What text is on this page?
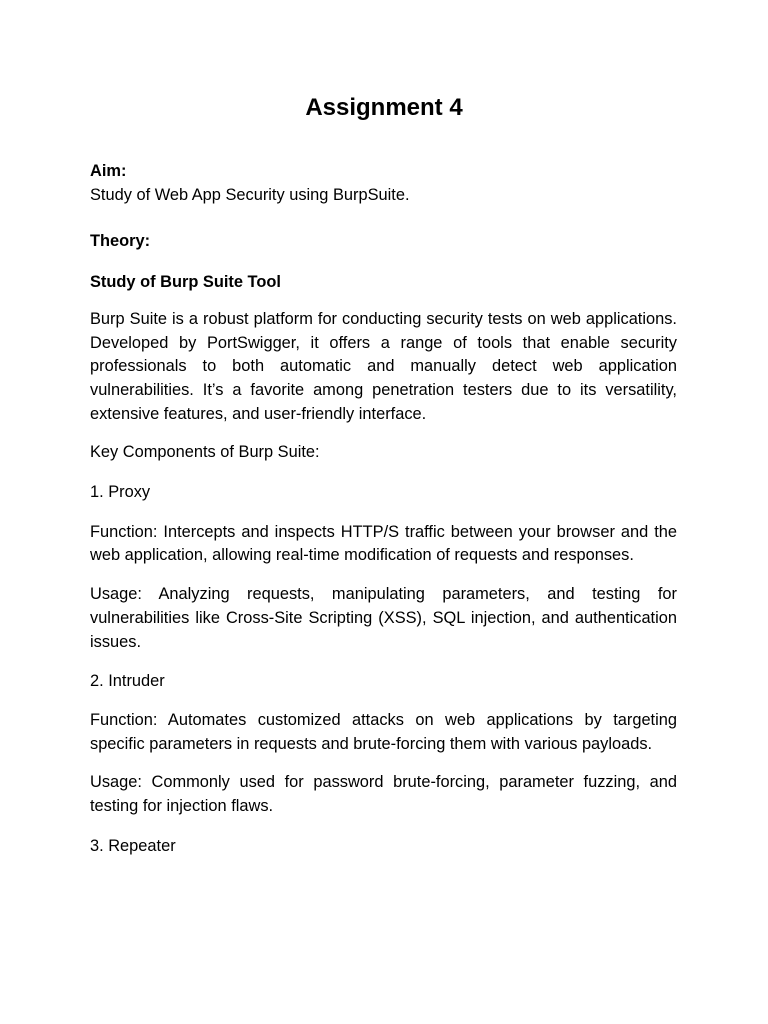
Assignment 4

Aim:

Study of Web App Security using BurpSuite.

Theory:

Study of Burp Suite Tool

Burp Suite is a robust platform for conducting security tests on web applications. Developed by PortSwigger, it offers a range of tools that enable security professionals to both automatic and manually detect web application vulnerabilities. It’s a favorite among penetration testers due to its versatility, extensive features, and user-friendly interface.

Key Components of Burp Suite:

1. Proxy

Function: Intercepts and inspects HTTP/S traffic between your browser and the web application, allowing real-time modification of requests and responses.

Usage: Analyzing requests, manipulating parameters, and testing for vulnerabilities like Cross-Site Scripting (XSS), SQL injection, and authentication issues.

2. Intruder

Function: Automates customized attacks on web applications by targeting specific parameters in requests and brute-forcing them with various payloads.

Usage: Commonly used for password brute-forcing, parameter fuzzing, and testing for injection flaws.

3. Repeater
